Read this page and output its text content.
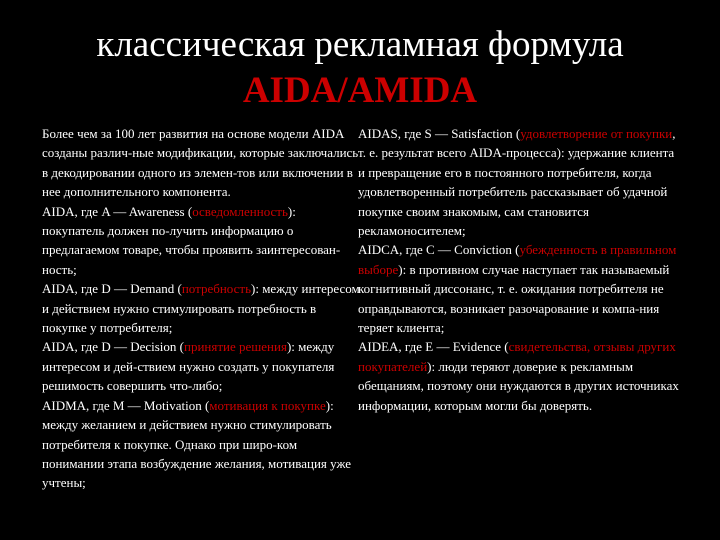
классическая рекламная формула
AIDA/AMIDA

Более чем за 100 лет развития на основе модели AIDA созданы различ-ные модификации, которые заключались в декодировании одного из элемен-тов или включении в нее дополнительного компонента.

AIDA, где A — Awareness (осведомленность): покупатель должен по-лучить информацию о предлагаемом товаре, чтобы проявить заинтересован-ность;

AIDA, где D — Demand (потребность): между интересом и действием нужно стимулировать потребность в покупке у потребителя;

AIDA, где D — Decision (принятие решения): между интересом и дей-ствием нужно создать у покупателя решимость совершить что-либо;

AIDMA, где M — Motivation (мотивация к покупке): между желанием и действием нужно стимулировать потребителя к покупке. Однако при широ-ком понимании этапа возбуждение желания, мотивация уже учтены;

AIDAS, где S — Satisfaction (удовлетворение от покупки, т. е. результат всего AIDA-процесса): удержание клиента и превращение его в постоянного потребителя, когда удовлетворенный потребитель рассказывает об удачной покупке своим знакомым, сам становится рекламоносителем;

AIDCA, где C — Conviction (убежденность в правильном выборе): в противном случае наступает так называемый когнитивный диссонанс, т. е. ожидания потребителя не оправдываются, возникает разочарование и компа-ния теряет клиента;

AIDEA, где E — Evidence (свидетельства, отзывы других покупателей): люди теряют доверие к рекламным обещаниям, поэтому они нуждаются в других источниках информации, которым могли бы доверять.
